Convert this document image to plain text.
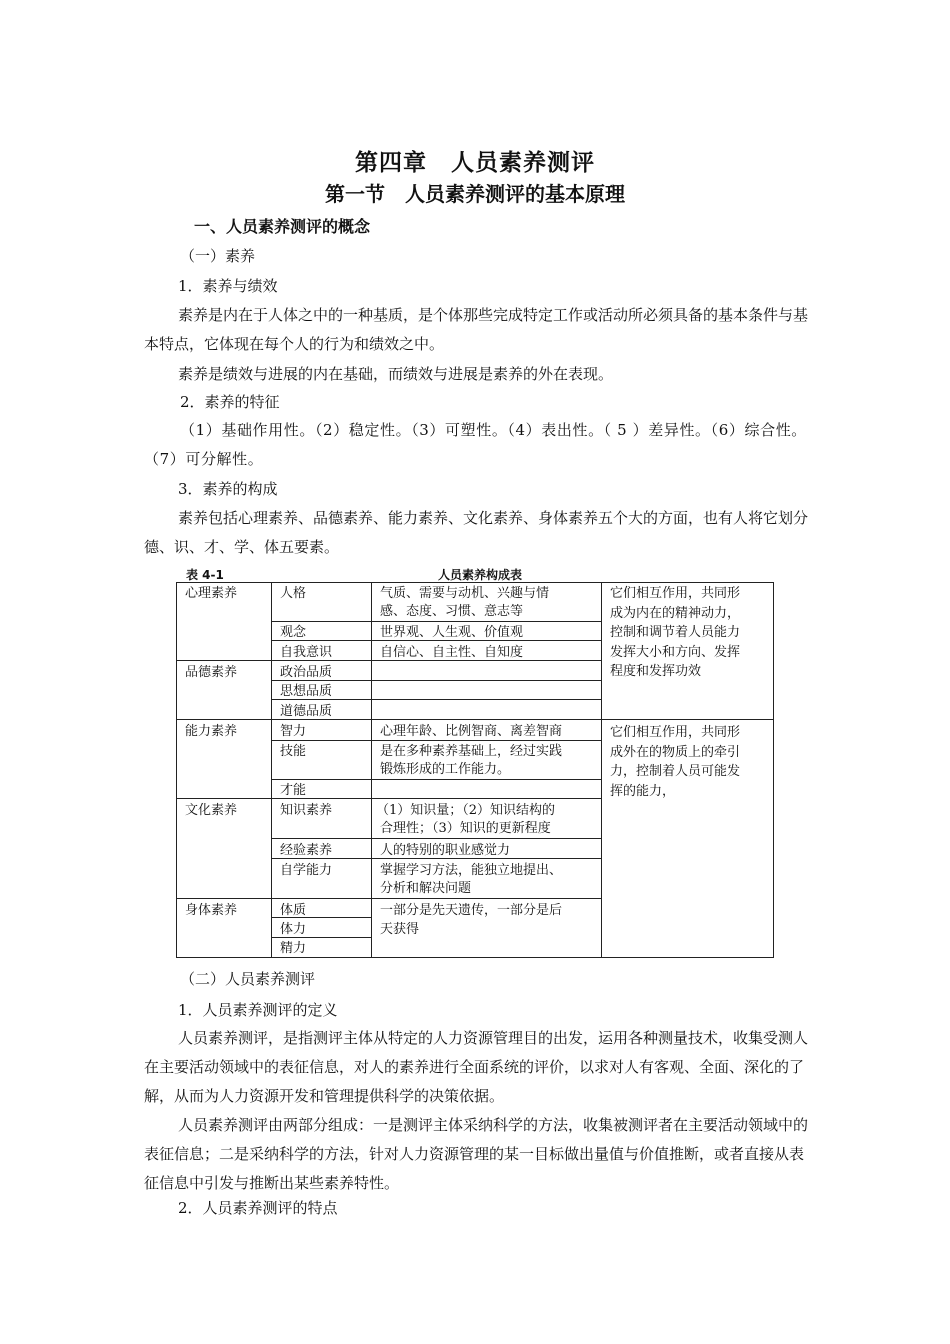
第四章　人员素养测评
第一节　人员素养测评的基本原理
一、人员素养测评的概念
（一）素养
1．素养与绩效
素养是内在于人体之中的一种基质，是个体那些完成特定工作或活动所必须具备的基本条件与基本特点，它体现在每个人的行为和绩效之中。
素养是绩效与进展的内在基础，而绩效与进展是素养的外在表现。
2．素养的特征
（1）基础作用性。（2）稳定性。（3）可塑性。（4）表出性。（ 5 ）差异性。（6）综合性。（7）可分解性。
3．素养的构成
素养包括心理素养、品德素养、能力素养、文化素养、身体素养五个大的方面，也有人将它划分德、识、才、学、体五要素。
表 4-1	人员素养构成表
心理素养
品德素养
能力素养
文化素养
身体素养
人格
观念
自我意识
政治品质
思想品质
道德品质
智力
技能
才能
知识素养
经验素养
自学能力
体质
体力
精力
气质、需要与动机、兴趣与情
感、态度、习惯、意志等
世界观、人生观、价值观
自信心、自主性、自知度
心理年龄、比例智商、离差智商
是在多种素养基础上，经过实践
锻炼形成的工作能力。
（1）知识量；（2）知识结构的
合理性；（3）知识的更新程度
人的特别的职业感觉力
掌握学习方法，能独立地提出、
分析和解决问题
一部分是先天遗传，一部分是后
天获得
它们相互作用，共同形
成为内在的精神动力，
控制和调节着人员能力
发挥大小和方向、发挥
程度和发挥功效
它们相互作用，共同形
成外在的物质上的牵引
力，控制着人员可能发
挥的能力，
（二）人员素养测评
1．人员素养测评的定义
人员素养测评，是指测评主体从特定的人力资源管理目的出发，运用各种测量技术，收集受测人在主要活动领域中的表征信息，对人的素养进行全面系统的评价，以求对人有客观、全面、深化的了解，从而为人力资源开发和管理提供科学的决策依据。
人员素养测评由两部分组成：一是测评主体采纳科学的方法，收集被测评者在主要活动领域中的表征信息；二是采纳科学的方法，针对人力资源管理的某一目标做出量值与价值推断，或者直接从表征信息中引发与推断出某些素养特性。
2．人员素养测评的特点
